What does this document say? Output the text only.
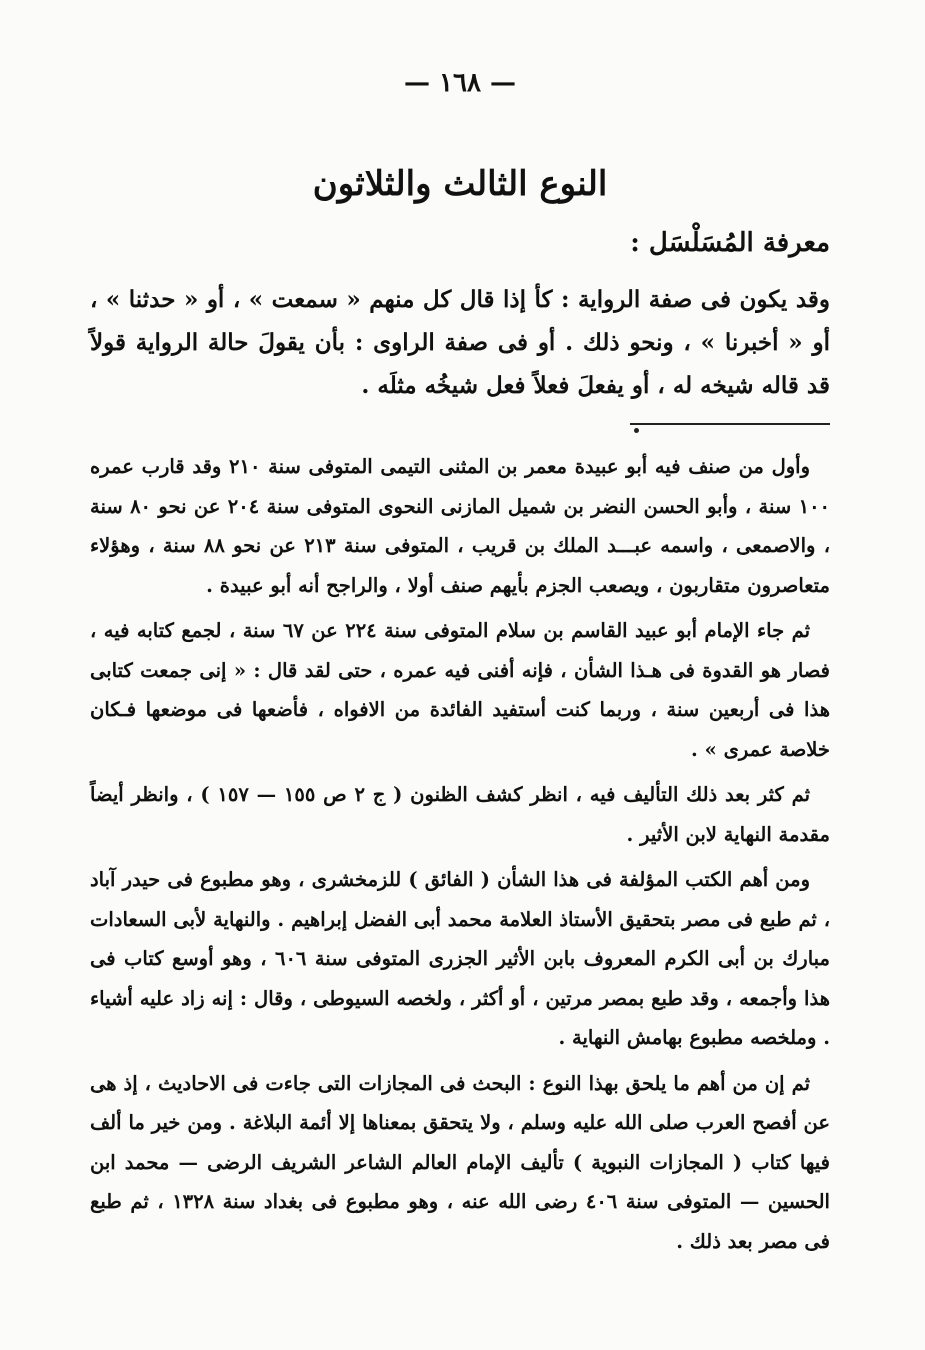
— ١٦٨ —
النوع الثالث والثلاثون
معرفة المُسَلْسَل :
وقد يكون فى صفة الرواية : كأ إذا قال كل منهم « سمعت » ، أو « حدثنا » ، أو « أخبرنا » ، ونحو ذلك . أو فى صفة الراوى : بأن يقولَ حالة الرواية قولاً قد قاله شيخه له ، أو يفعلَ فعلاً فعل شيخُه مثلَه .

وأول من صنف فيه أبو عبيدة معمر بن المثنى التيمى المتوفى سنة ٢١٠ وقد قارب عمره ١٠٠ سنة ، وأبو الحسن النضر بن شميل المازنى النحوى المتوفى سنة ٢٠٤ عن نحو ٨٠ سنة ، والاصمعى ، واسمه عبـــد الملك بن قريب ، المتوفى سنة ٢١٣ عن نحو ٨٨ سنة ، وهؤلاء متعاصرون متقاربون ، ويصعب الجزم بأيهم صنف أولا ، والراجح أنه أبو عبيدة .

ثم جاء الإمام أبو عبيد القاسم بن سلام المتوفى سنة ٢٢٤ عن ٦٧ سنة ، لجمع كتابه فيه ، فصار هو القدوة فى هـذا الشأن ، فإنه أفنى فيه عمره ، حتى لقد قال : « إنى جمعت كتابى هذا فى أربعين سنة ، وربما كنت أستفيد الفائدة من الافواه ، فأضعها فى موضعها فـكان خلاصة عمرى » .

ثم كثر بعد ذلك التأليف فيه ، انظر كشف الظنون ( ج ٢ ص ١٥٥ — ١٥٧ ) ، وانظر أيضاً مقدمة النهاية لابن الأثير .

ومن أهم الكتب المؤلفة فى هذا الشأن ( الفائق ) للزمخشرى ، وهو مطبوع فى حيدر آباد ، ثم طبع فى مصر بتحقيق الأستاذ العلامة محمد أبى الفضل إبراهيم . والنهاية لأبى السعادات مبارك بن أبى الكرم المعروف بابن الأثير الجزرى المتوفى سنة ٦٠٦ ، وهو أوسع كتاب فى هذا وأجمعه ، وقد طبع بمصر مرتين ، أو أكثر ، ولخصه السيوطى ، وقال : إنه زاد عليه أشياء . وملخصه مطبوع بهامش النهاية .

ثم إن من أهم ما يلحق بهذا النوع : البحث فى المجازات التى جاءت فى الاحاديث ، إذ هى عن أفصح العرب صلى الله عليه وسلم ، ولا يتحقق بمعناها إلا أئمة البلاغة . ومن خير ما ألف فيها كتاب ( المجازات النبوية ) تأليف الإمام العالم الشاعر الشريف الرضى — محمد ابن الحسين — المتوفى سنة ٤٠٦ رضى الله عنه ، وهو مطبوع فى بغداد سنة ١٣٢٨ ، ثم طبع فى مصر بعد ذلك .
